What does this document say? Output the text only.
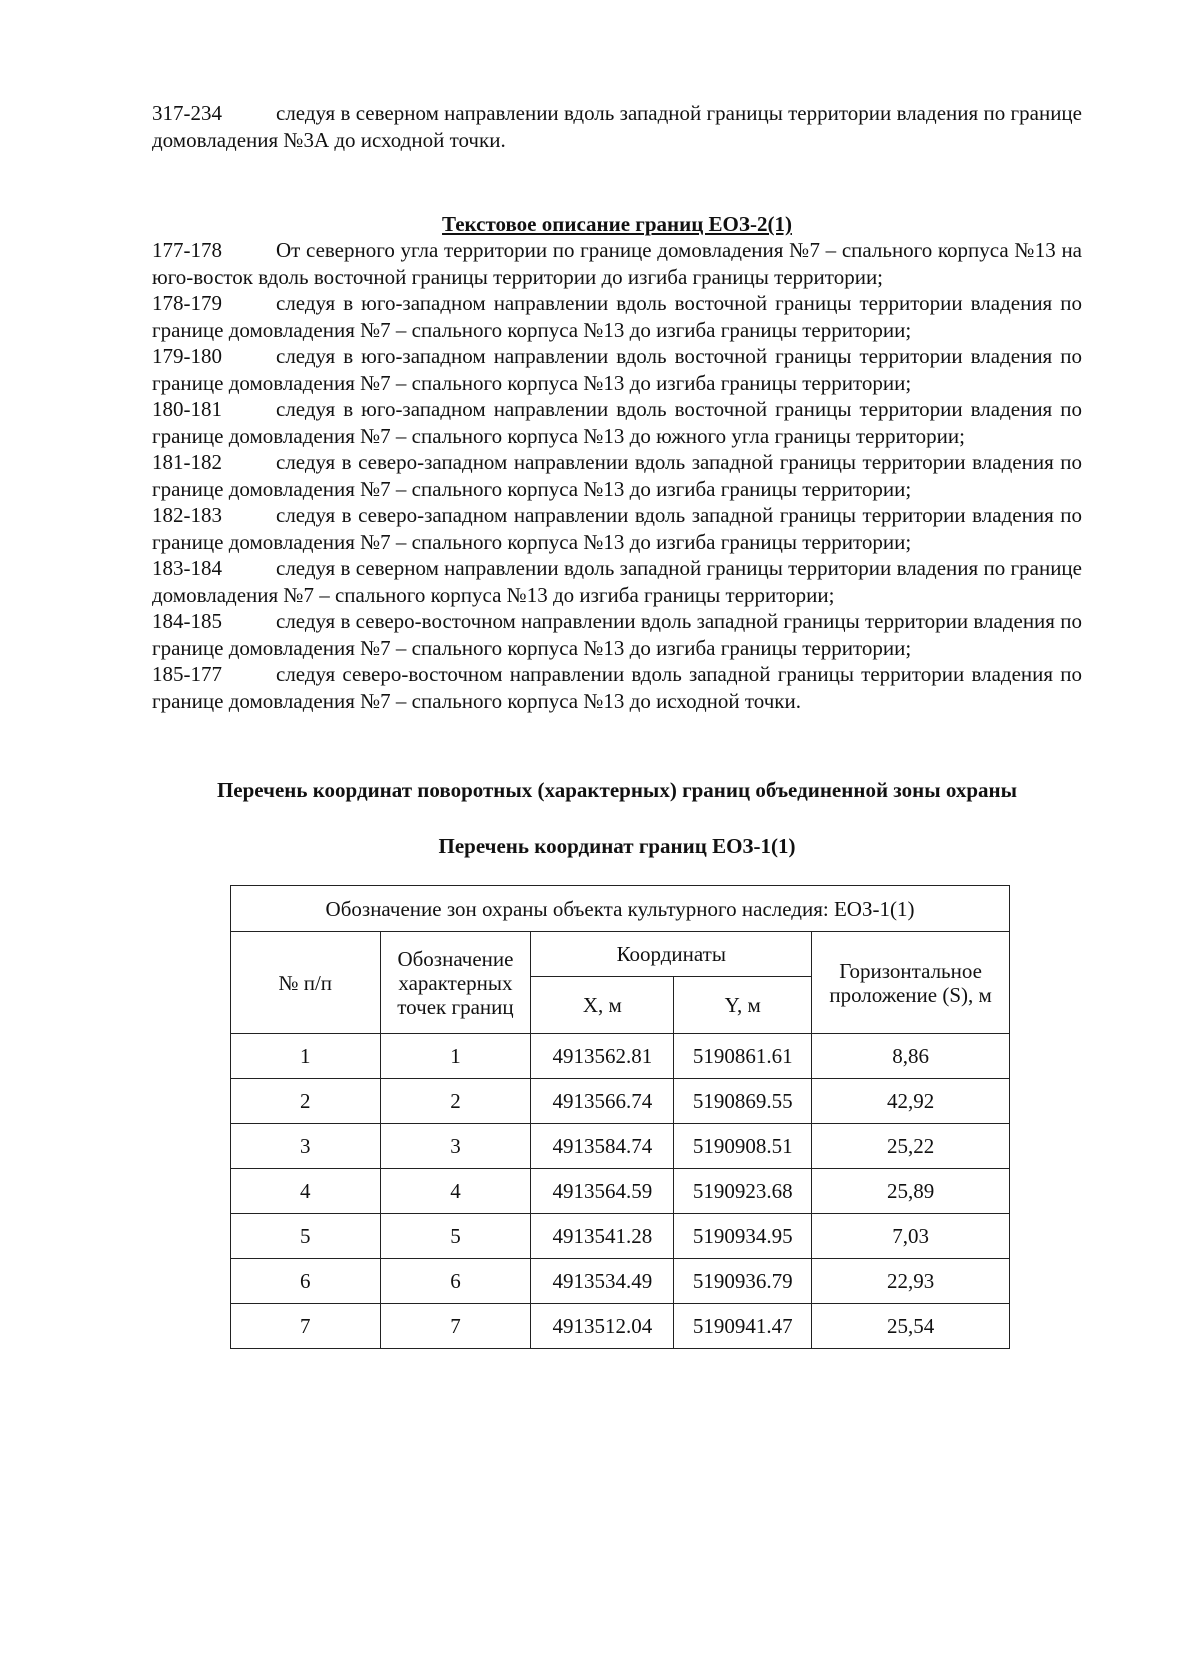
317-234	следуя в северном направлении вдоль западной границы территории владения по границе домовладения №3А до исходной точки.

Текстовое описание границ ЕОЗ-2(1)

177-178	От северного угла территории по границе домовладения №7 – спального корпуса №13 на юго-восток вдоль восточной границы территории до изгиба границы территории;

178-179	следуя в юго-западном направлении вдоль восточной границы территории владения по границе домовладения №7 – спального корпуса №13 до изгиба границы территории;

179-180	следуя в юго-западном направлении вдоль восточной границы территории владения по границе домовладения №7 – спального корпуса №13 до изгиба границы территории;

180-181	следуя в юго-западном направлении вдоль восточной границы территории владения по границе домовладения №7 – спального корпуса №13 до южного угла границы территории;

181-182	следуя в северо-западном направлении вдоль западной границы территории владения по границе домовладения №7 – спального корпуса №13 до изгиба границы территории;

182-183	следуя в северо-западном направлении вдоль западной границы территории владения по границе домовладения №7 – спального корпуса №13 до изгиба границы территории;

183-184	следуя в северном направлении вдоль западной границы территории владения по границе домовладения №7 – спального корпуса №13 до изгиба границы территории;

184-185	следуя в северо-восточном направлении вдоль западной границы территории владения по границе домовладения №7 – спального корпуса №13 до изгиба границы территории;

185-177	следуя северо-восточном направлении вдоль западной границы территории владения по границе домовладения №7 – спального корпуса №13 до исходной точки.

Перечень координат поворотных (характерных) границ объединенной зоны охраны
Перечень координат границ ЕОЗ-1(1)
Обозначение зон охраны объекта культурного наследия: ЕОЗ-1(1)				
№ п/п	Обозначение характерных точек границ	Координаты		Горизонтальное проложение (S), м
		X, м	Y, м	
1	1	4913562.81	5190861.61	8,86
2	2	4913566.74	5190869.55	42,92
3	3	4913584.74	5190908.51	25,22
4	4	4913564.59	5190923.68	25,89
5	5	4913541.28	5190934.95	7,03
6	6	4913534.49	5190936.79	22,93
7	7	4913512.04	5190941.47	25,54
